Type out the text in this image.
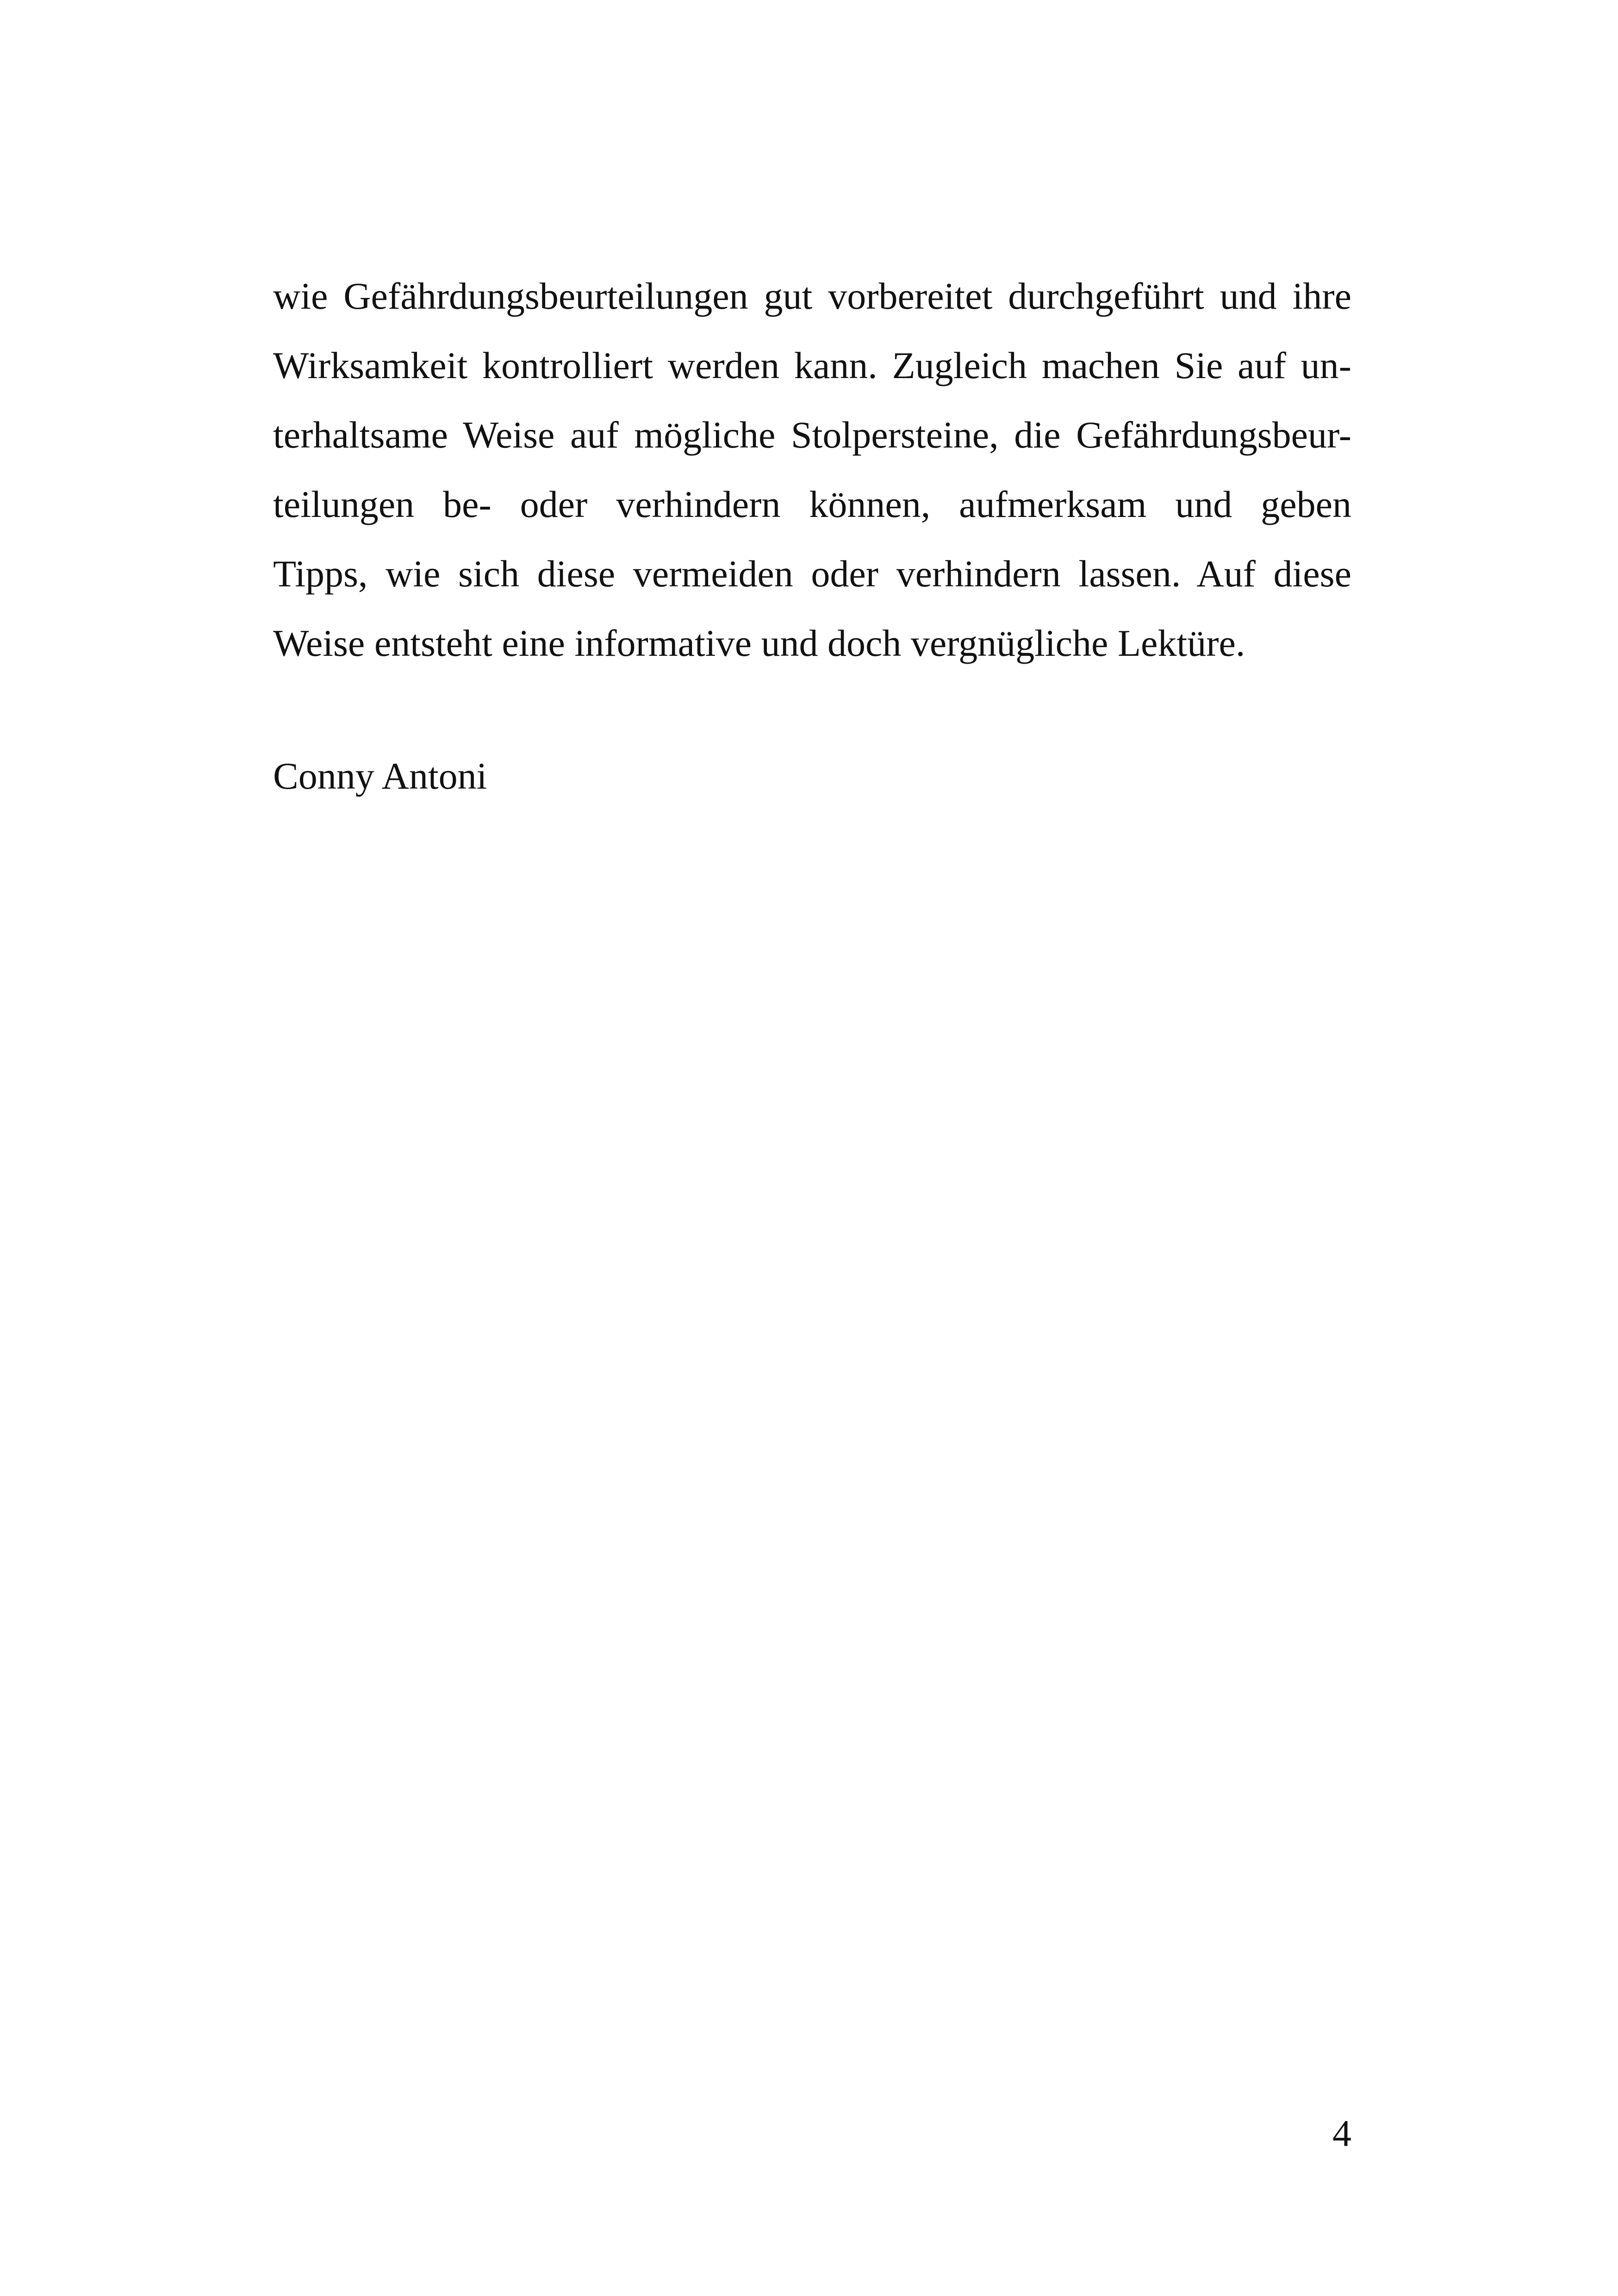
wie Gefährdungsbeurteilungen gut vorbereitet durchgeführt und ihre
Wirksamkeit kontrolliert werden kann. Zugleich machen Sie auf un-
terhaltsame Weise auf mögliche Stolpersteine, die Gefährdungsbeur-
teilungen be- oder verhindern können, aufmerksam und geben
Tipps, wie sich diese vermeiden oder verhindern lassen. Auf diese
Weise entsteht eine informative und doch vergnügliche Lektüre.
Conny Antoni
4
